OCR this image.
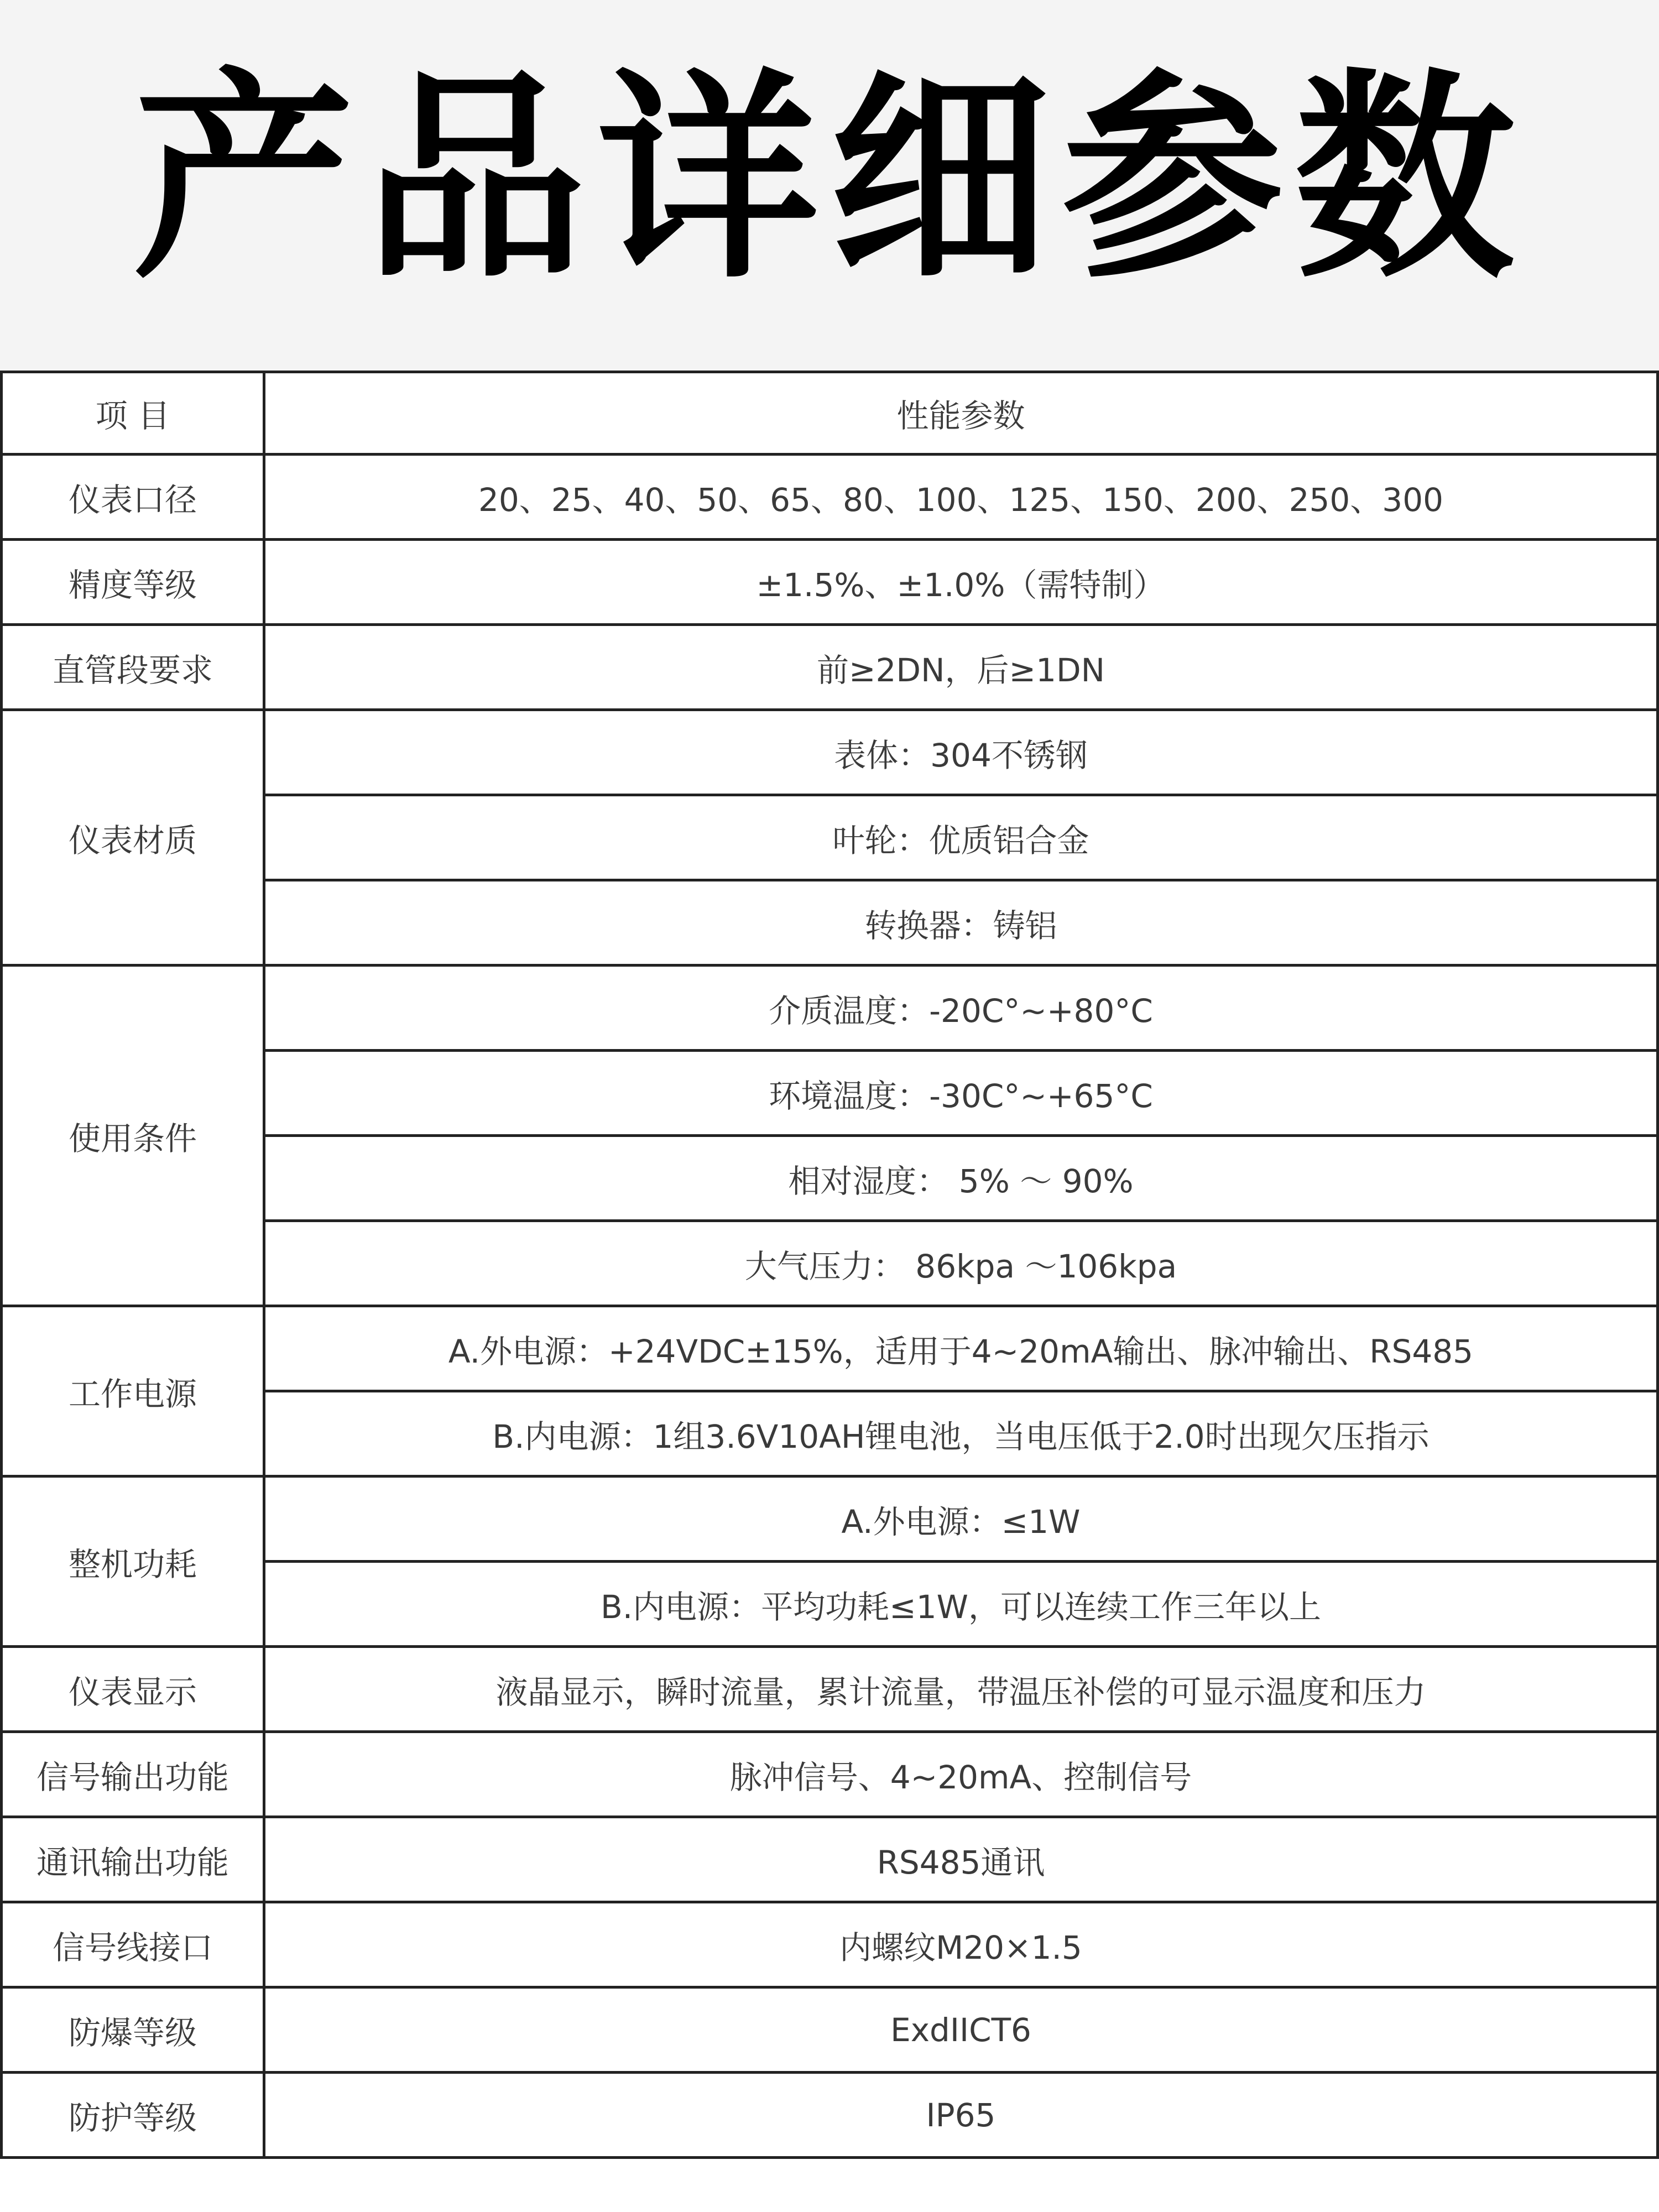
产品详细参数
项 目	性能参数
仪表口径	20、25、40、50、65、80、100、125、150、200、250、300
精度等级	±1.5%、±1.0%（需特制）
直管段要求	前≥2DN，后≥1DN
仪表材质	表体：304不锈钢
	叶轮：优质铝合金
	转换器：铸铝
使用条件	介质温度：-20C°~+80°C
	环境温度：-30C°~+65°C
	相对湿度： 5% ～ 90%
	大气压力： 86kpa ～106kpa
工作电源	A.外电源：+24VDC±15%，适用于4~20mA输出、脉冲输出、RS485
	B.内电源：1组3.6V10AH锂电池，当电压低于2.0时出现欠压指示
整机功耗	A.外电源：≤1W
	B.内电源：平均功耗≤1W，可以连续工作三年以上
仪表显示	液晶显示，瞬时流量，累计流量，带温压补偿的可显示温度和压力
信号输出功能	脉冲信号、4~20mA、控制信号
通讯输出功能	RS485通讯
信号线接口	内螺纹M20×1.5
防爆等级	ExdIICT6
防护等级	IP65
